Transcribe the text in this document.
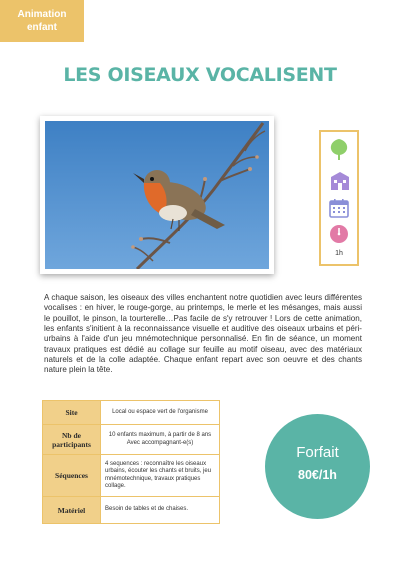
Animation
enfant
LES OISEAUX VOCALISENT
1h

A chaque saison, les oiseaux des villes enchantent notre quotidien avec leurs différentes vocalises : en hiver, le rouge-gorge, au printemps, le merle et les mésanges, mais aussi le pouillot, le pinson, la tourterelle…Pas facile de s'y retrouver ! Lors de cette animation, les enfants s'initient à la reconnaissance visuelle et auditive des oiseaux urbains et péri-urbains à l'aide d'un jeu mnémotechnique personnalisé. En fin de séance, un moment travaux pratiques est dédié au collage sur feuille au motif oiseau, avec des matériaux naturels et de la colle adaptée. Chaque enfant repart avec son oeuvre et des chants nature plein la tête.

Site	Local ou espace vert de l'organisme
Nb de participants	10 enfants maximum, à partir de 8 ans Avec accompagnant-e(s)
Séquences	4 sequences : reconnaître les oiseaux urbains, écouter les chants et bruits, jeu mnémotechnique, travaux pratiques collage.
Matériel	Besoin de tables et de chaises.
Forfait
80€/1h
